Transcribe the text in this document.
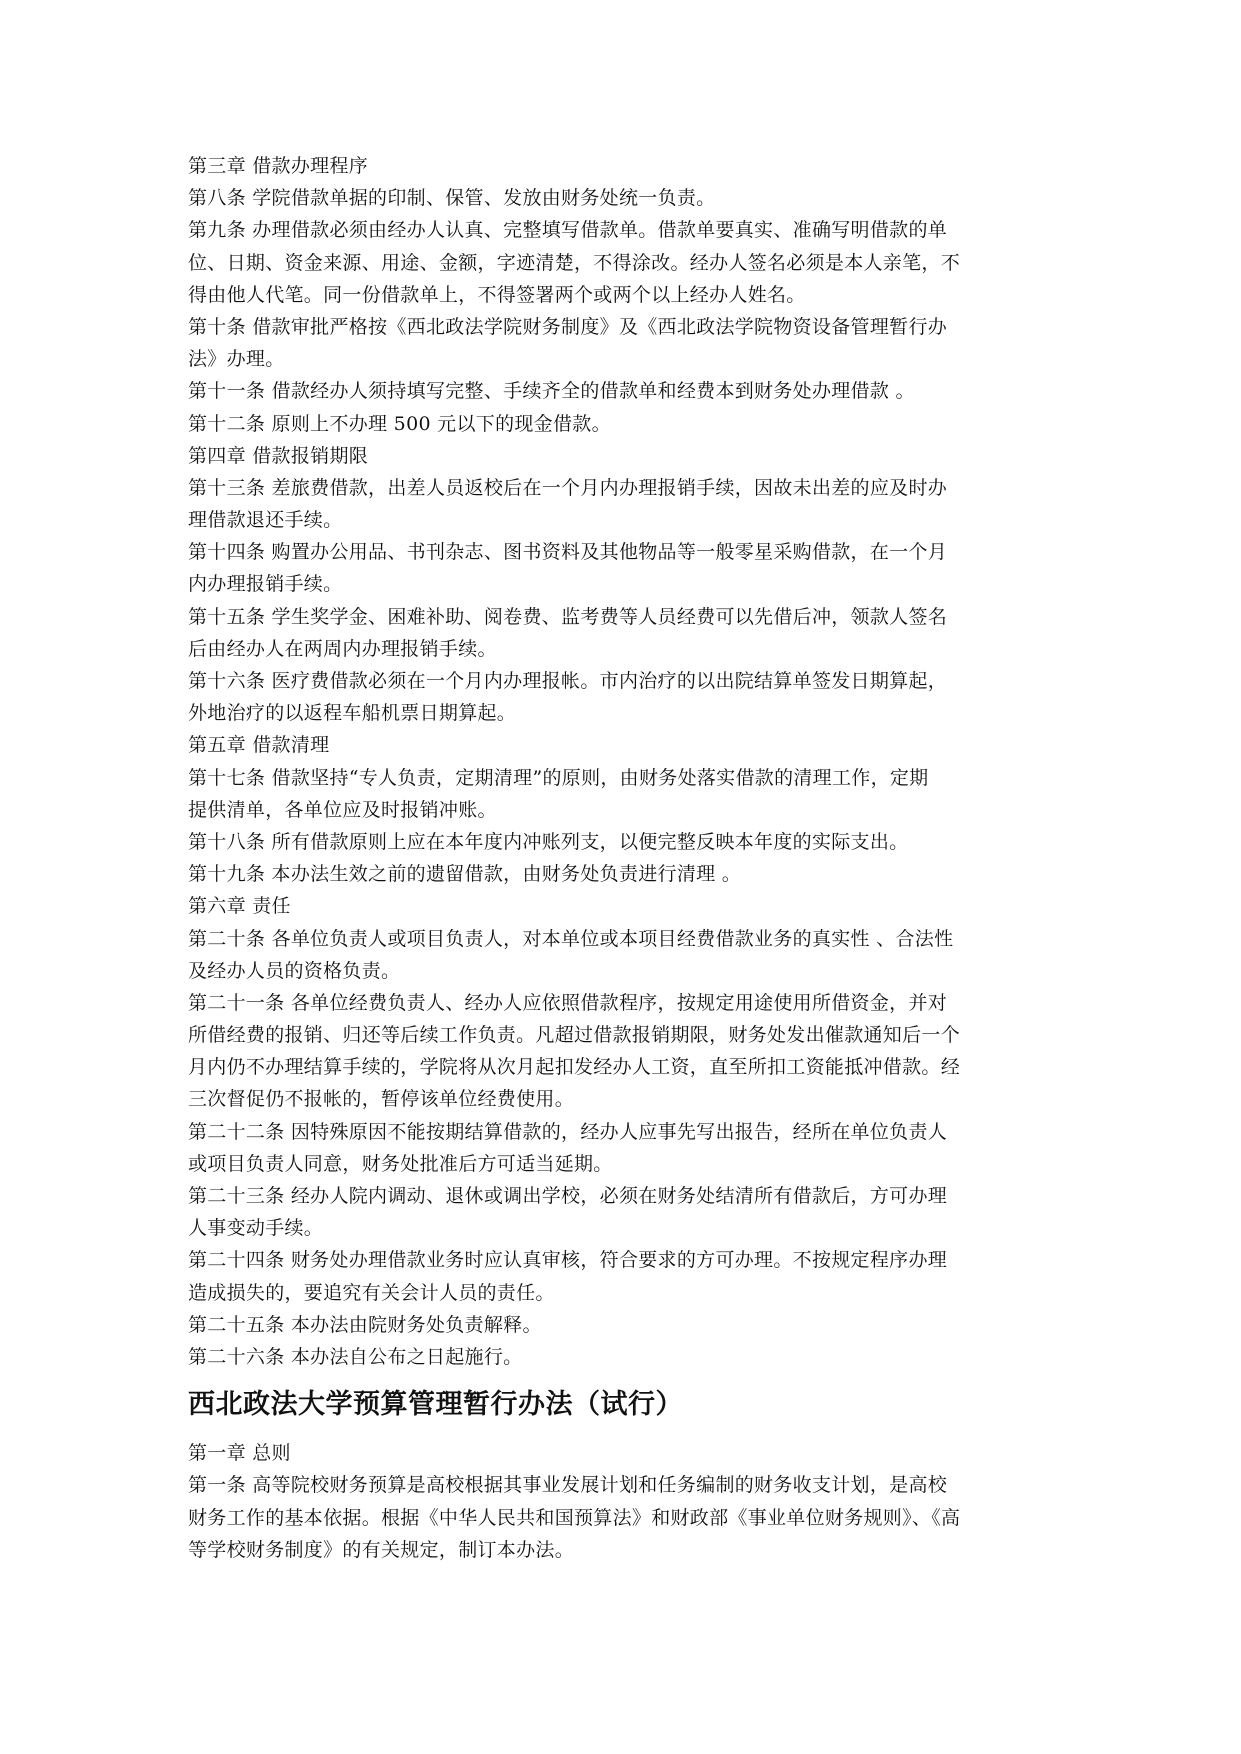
第三章 借款办理程序
第八条 学院借款单据的印制、保管、发放由财务处统一负责。
第九条 办理借款必须由经办人认真、完整填写借款单。借款单要真实、准确写明借款的单
位、日期、资金来源、用途、金额，字迹清楚，不得涂改。经办人签名必须是本人亲笔，不
得由他人代笔。同一份借款单上，不得签署两个或两个以上经办人姓名。
第十条 借款审批严格按《西北政法学院财务制度》及《西北政法学院物资设备管理暂行办
法》办理。
第十一条 借款经办人须持填写完整、手续齐全的借款单和经费本到财务处办理借款 。
第十二条 原则上不办理 500 元以下的现金借款。
第四章 借款报销期限
第十三条 差旅费借款，出差人员返校后在一个月内办理报销手续，因故未出差的应及时办
理借款退还手续。
第十四条 购置办公用品、书刊杂志、图书资料及其他物品等一般零星采购借款，在一个月
内办理报销手续。
第十五条 学生奖学金、困难补助、阅卷费、监考费等人员经费可以先借后冲，领款人签名
后由经办人在两周内办理报销手续。
第十六条 医疗费借款必须在一个月内办理报帐。市内治疗的以出院结算单签发日期算起，
外地治疗的以返程车船机票日期算起。
第五章 借款清理
第十七条 借款坚持“专人负责，定期清理”的原则，由财务处落实借款的清理工作，定期
提供清单，各单位应及时报销冲账。
第十八条 所有借款原则上应在本年度内冲账列支，以便完整反映本年度的实际支出。
第十九条 本办法生效之前的遗留借款，由财务处负责进行清理 。
第六章 责任
第二十条 各单位负责人或项目负责人，对本单位或本项目经费借款业务的真实性 、合法性
及经办人员的资格负责。
第二十一条 各单位经费负责人、经办人应依照借款程序，按规定用途使用所借资金，并对
所借经费的报销、归还等后续工作负责。凡超过借款报销期限，财务处发出催款通知后一个
月内仍不办理结算手续的，学院将从次月起扣发经办人工资，直至所扣工资能抵冲借款。经
三次督促仍不报帐的，暂停该单位经费使用。
第二十二条 因特殊原因不能按期结算借款的，经办人应事先写出报告，经所在单位负责人
或项目负责人同意，财务处批准后方可适当延期。
第二十三条 经办人院内调动、退休或调出学校，必须在财务处结清所有借款后，方可办理
人事变动手续。
第二十四条 财务处办理借款业务时应认真审核，符合要求的方可办理。不按规定程序办理
造成损失的，要追究有关会计人员的责任。
第二十五条 本办法由院财务处负责解释。
第二十六条 本办法自公布之日起施行。
西北政法大学预算管理暂行办法（试行）
第一章 总则
第一条 高等院校财务预算是高校根据其事业发展计划和任务编制的财务收支计划，是高校
财务工作的基本依据。根据《中华人民共和国预算法》和财政部《事业单位财务规则》、《高
等学校财务制度》的有关规定，制订本办法。
